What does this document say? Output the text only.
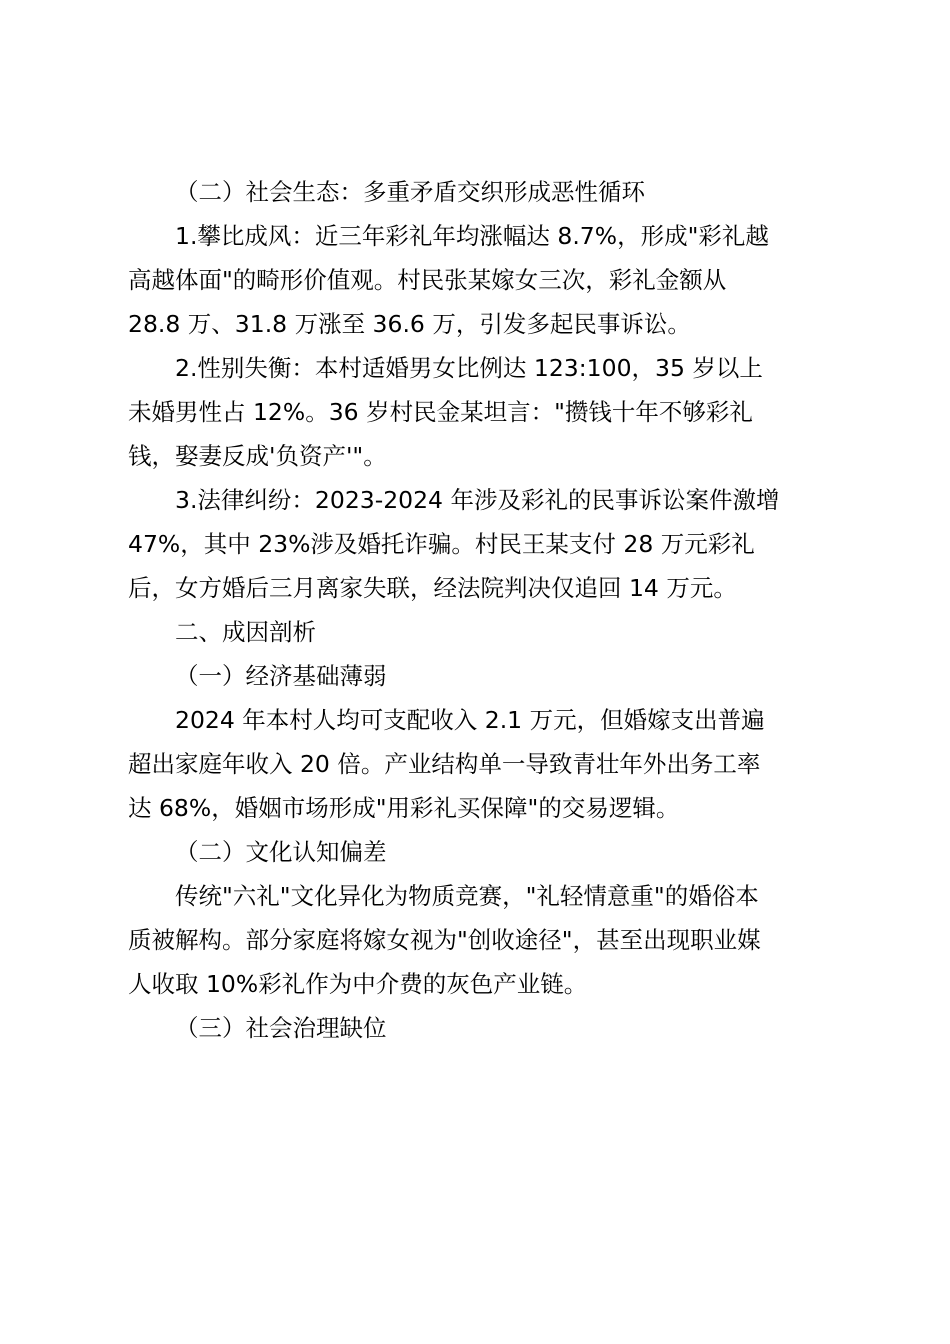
（二）社会生态：多重矛盾交织形成恶性循环
1.攀比成风：近三年彩礼年均涨幅达 8.7%，形成"彩礼越
高越体面"的畸形价值观。村民张某嫁女三次，彩礼金额从
28.8 万、31.8 万涨至 36.6 万，引发多起民事诉讼。
2.性别失衡：本村适婚男女比例达 123:100，35 岁以上
未婚男性占 12%。36 岁村民金某坦言："攒钱十年不够彩礼
钱，娶妻反成'负资产'"。
3.法律纠纷：2023-2024 年涉及彩礼的民事诉讼案件激增
47%，其中 23%涉及婚托诈骗。村民王某支付 28 万元彩礼
后，女方婚后三月离家失联，经法院判决仅追回 14 万元。
二、成因剖析
（一）经济基础薄弱
2024 年本村人均可支配收入 2.1 万元，但婚嫁支出普遍
超出家庭年收入 20 倍。产业结构单一导致青壮年外出务工率
达 68%，婚姻市场形成"用彩礼买保障"的交易逻辑。
（二）文化认知偏差
传统"六礼"文化异化为物质竞赛，"礼轻情意重"的婚俗本
质被解构。部分家庭将嫁女视为"创收途径"，甚至出现职业媒
人收取 10%彩礼作为中介费的灰色产业链。
（三）社会治理缺位
